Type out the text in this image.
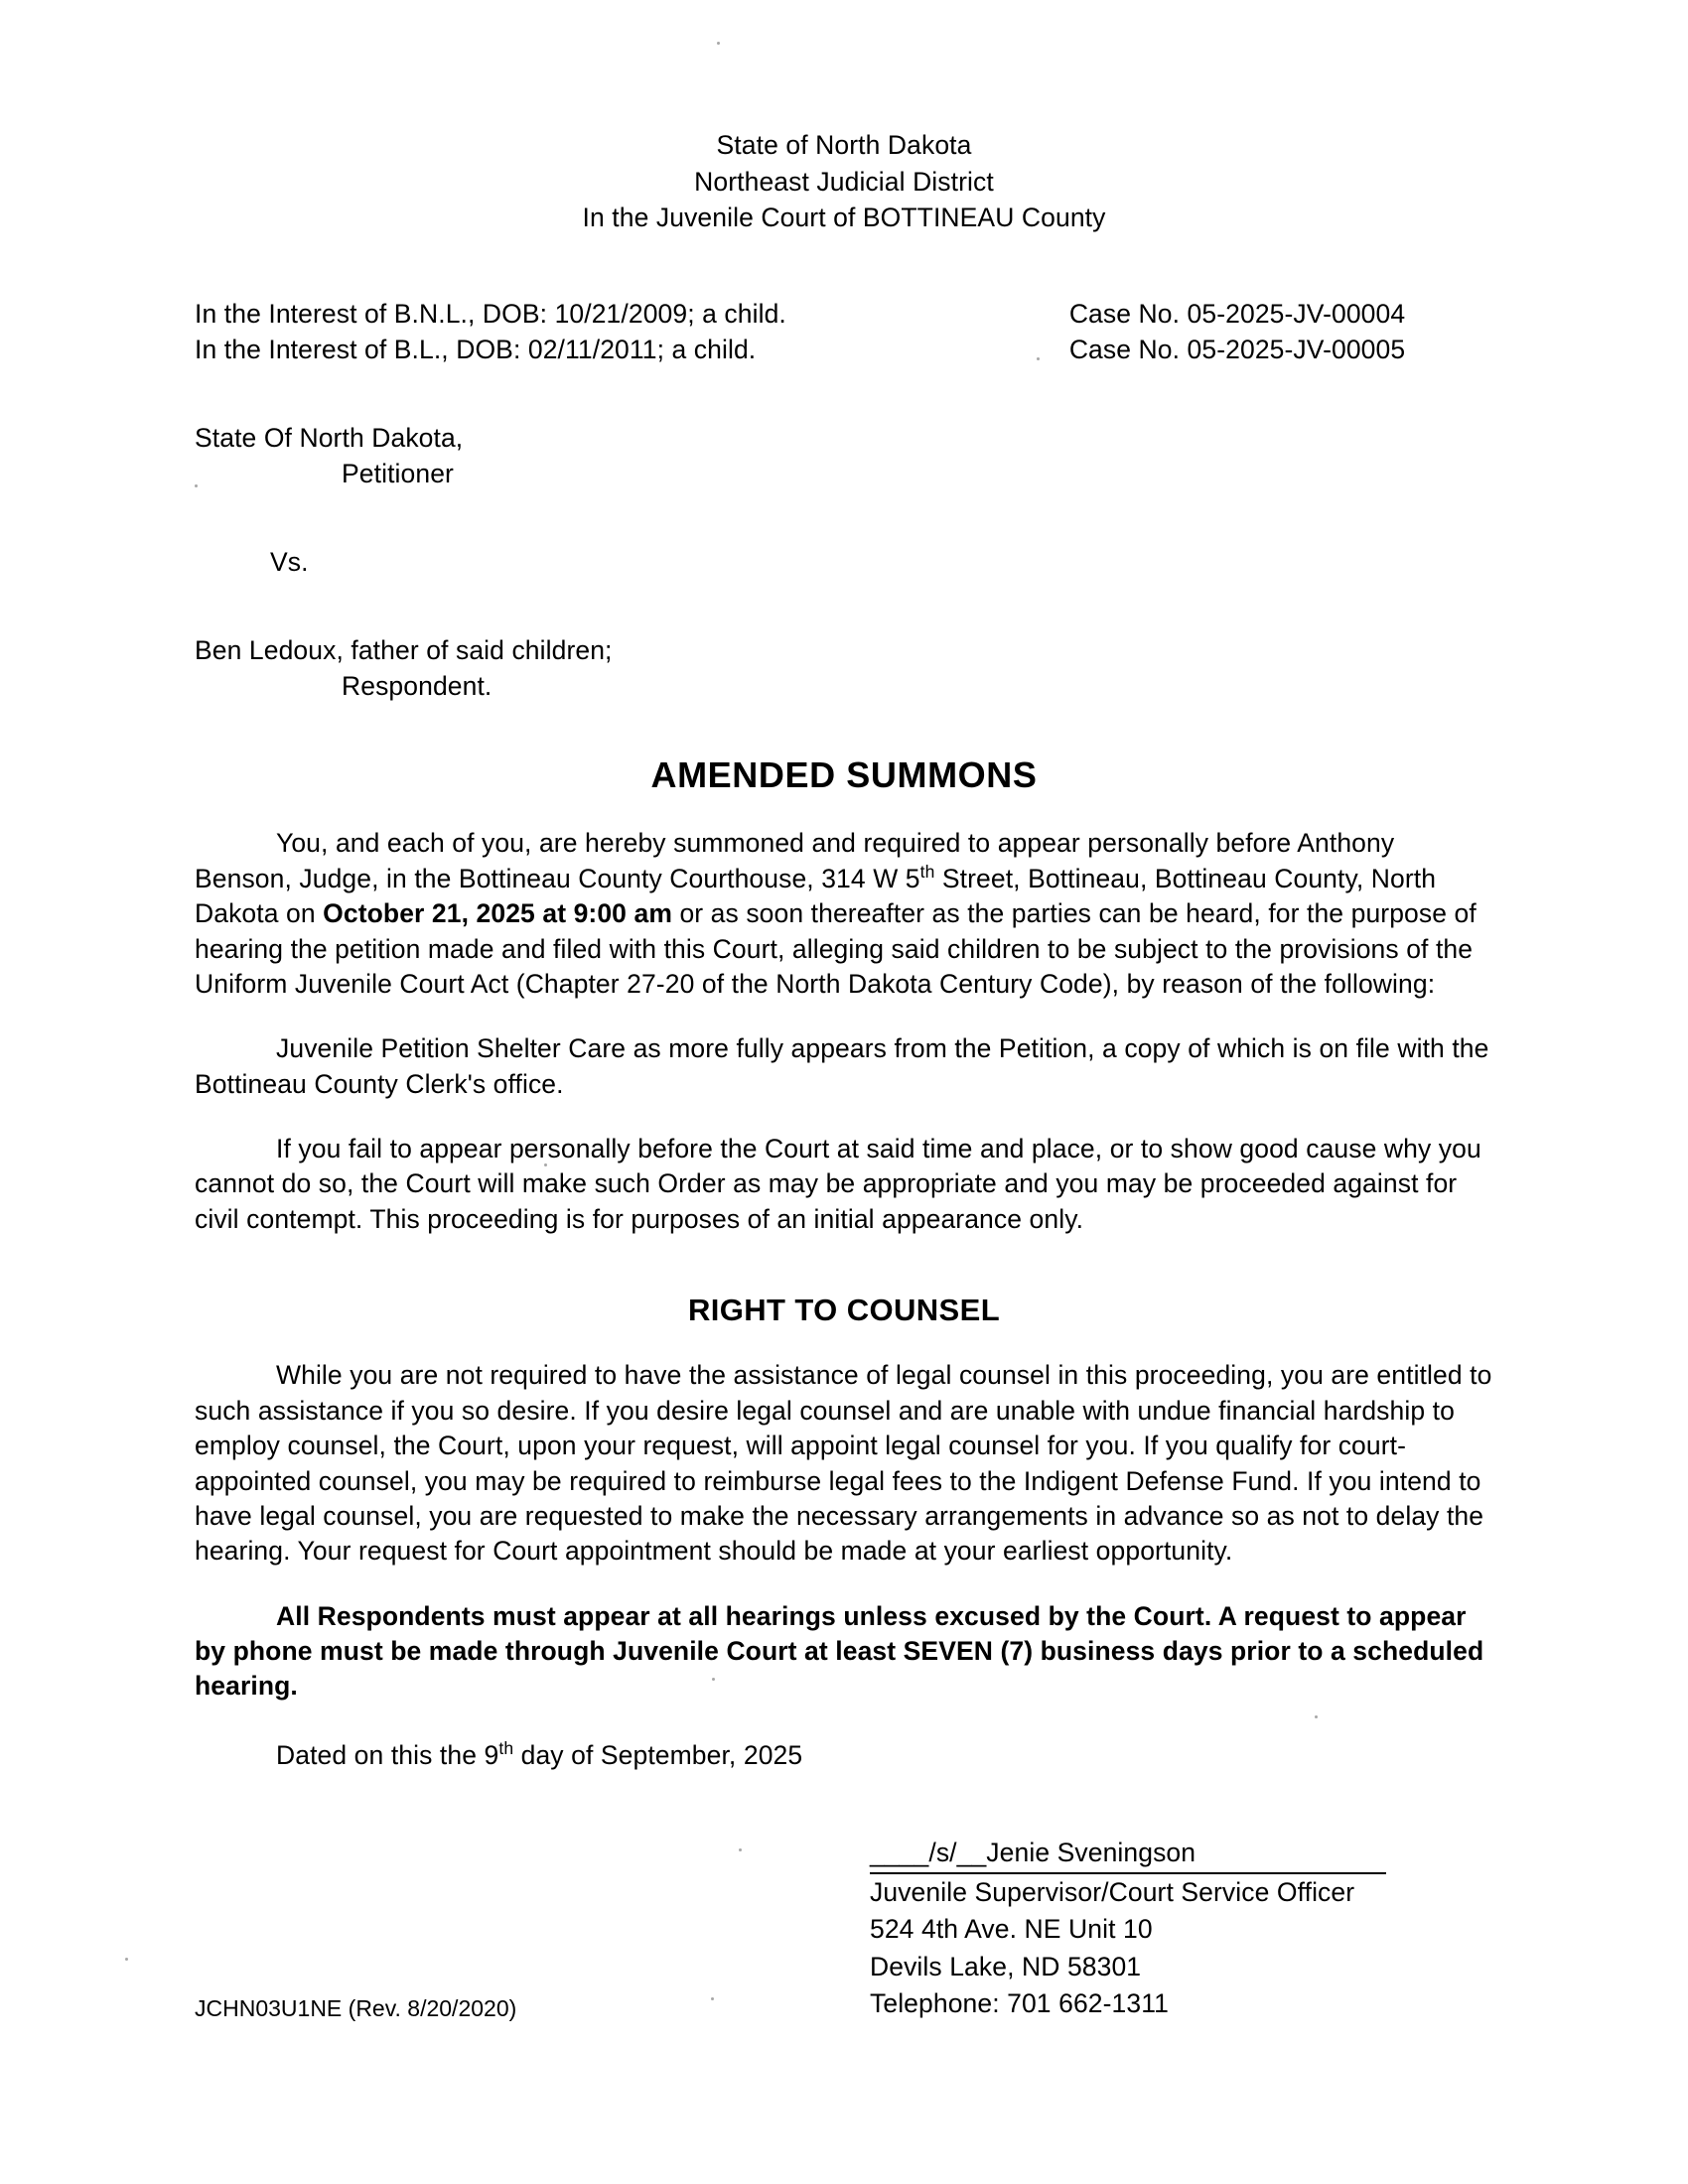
State of North Dakota
Northeast Judicial District
In the Juvenile Court of BOTTINEAU County
In the Interest of B.N.L., DOB: 10/21/2009; a child.
In the Interest of B.L., DOB: 02/11/2011; a child.
Case No. 05-2025-JV-00004
Case No. 05-2025-JV-00005
State Of North Dakota,
Petitioner
Vs.
Ben Ledoux, father of said children;
Respondent.
AMENDED SUMMONS

You, and each of you, are hereby summoned and required to appear personally before Anthony Benson, Judge, in the Bottineau County Courthouse, 314 W 5th Street, Bottineau, Bottineau County, North Dakota on October 21, 2025 at 9:00 am or as soon thereafter as the parties can be heard, for the purpose of hearing the petition made and filed with this Court, alleging said children to be subject to the provisions of the Uniform Juvenile Court Act (Chapter 27-20 of the North Dakota Century Code), by reason of the following:

Juvenile Petition Shelter Care as more fully appears from the Petition, a copy of which is on file with the Bottineau County Clerk's office.

If you fail to appear personally before the Court at said time and place, or to show good cause why you cannot do so, the Court will make such Order as may be appropriate and you may be proceeded against for civil contempt. This proceeding is for purposes of an initial appearance only.

RIGHT TO COUNSEL

While you are not required to have the assistance of legal counsel in this proceeding, you are entitled to such assistance if you so desire. If you desire legal counsel and are unable with undue financial hardship to employ counsel, the Court, upon your request, will appoint legal counsel for you. If you qualify for court-appointed counsel, you may be required to reimburse legal fees to the Indigent Defense Fund. If you intend to have legal counsel, you are requested to make the necessary arrangements in advance so as not to delay the hearing. Your request for Court appointment should be made at your earliest opportunity.

All Respondents must appear at all hearings unless excused by the Court. A request to appear by phone must be made through Juvenile Court at least SEVEN (7) business days prior to a scheduled hearing.

Dated on this the 9th day of September, 2025

____/s/__Jenie Sveningson
Juvenile Supervisor/Court Service Officer
524 4th Ave. NE Unit 10
Devils Lake, ND 58301
Telephone: 701 662-1311
JCHN03U1NE (Rev. 8/20/2020)
